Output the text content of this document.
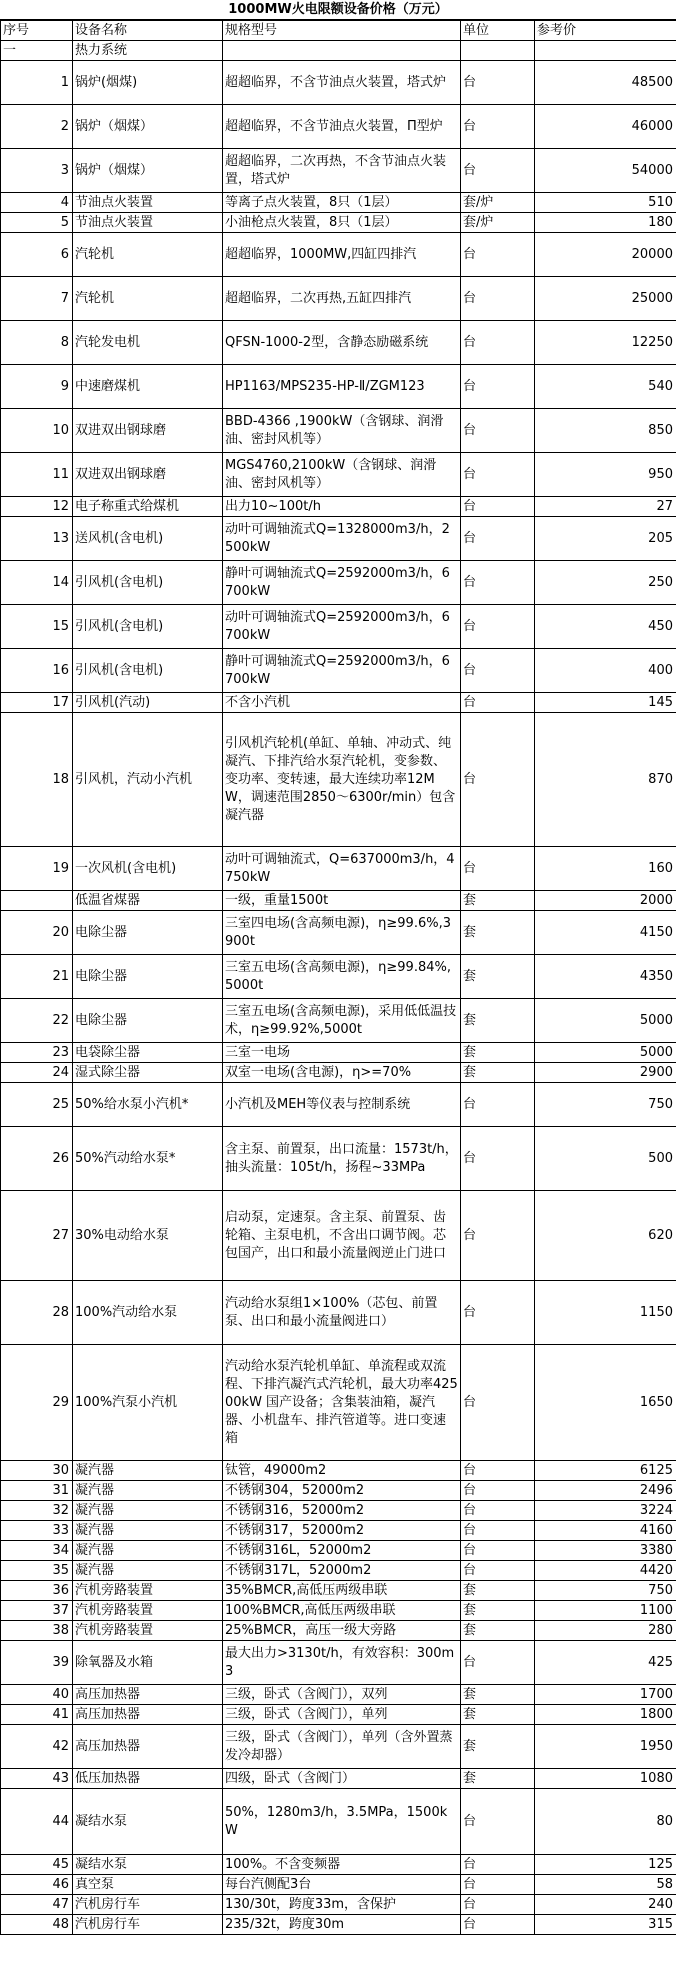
1000MW火电限额设备价格（万元）
序号	设备名称	规格型号	单位	参考价
一	热力系统			
1	锅炉(烟煤)	超超临界，不含节油点火装置，塔式炉	台	48500
2	锅炉（烟煤）	超超临界，不含节油点火装置，Π型炉	台	46000
3	锅炉（烟煤）	超超临界，二次再热，不含节油点火装置，塔式炉	台	54000
4	节油点火装置	等离子点火装置，8只（1层）	套/炉	510
5	节油点火装置	小油枪点火装置，8只（1层）	套/炉	180
6	汽轮机	超超临界，1000MW,四缸四排汽	台	20000
7	汽轮机	超超临界，二次再热,五缸四排汽	台	25000
8	汽轮发电机	QFSN-1000-2型，含静态励磁系统	台	12250
9	中速磨煤机	HP1163/MPS235-HP-Ⅱ/ZGM123	台	540
10	双进双出钢球磨	BBD-4366 ,1900kW（含钢球、润滑油、密封风机等）	台	850
11	双进双出钢球磨	MGS4760,2100kW（含钢球、润滑油、密封风机等）	台	950
12	电子称重式给煤机	出力10~100t/h	台	27
13	送风机(含电机)	动叶可调轴流式Q=1328000m3/h，2500kW	台	205
14	引风机(含电机)	静叶可调轴流式Q=2592000m3/h，6700kW	台	250
15	引风机(含电机)	动叶可调轴流式Q=2592000m3/h，6700kW	台	450
16	引风机(含电机)	静叶可调轴流式Q=2592000m3/h，6700kW	台	400
17	引风机(汽动)	不含小汽机	台	145
18	引风机，汽动小汽机	引风机汽轮机(单缸、单轴、冲动式、纯凝汽、下排汽给水泵汽轮机，变参数、变功率、变转速，最大连续功率12MW，调速范围2850～6300r/min）包含凝汽器	台	870
19	一次风机(含电机)	动叶可调轴流式，Q=637000m3/h，4750kW	台	160
	低温省煤器	一级，重量1500t	套	2000
20	电除尘器	三室四电场(含高频电源)，η≥99.6%,3900t	套	4150
21	电除尘器	三室五电场(含高频电源)，η≥99.84%,5000t	套	4350
22	电除尘器	三室五电场(含高频电源)，采用低低温技术，η≥99.92%,5000t	套	5000
23	电袋除尘器	三室一电场	套	5000
24	湿式除尘器	双室一电场(含电源)，η>=70%	套	2900
25	50%给水泵小汽机*	小汽机及MEH等仪表与控制系统	台	750
26	50%汽动给水泵*	含主泵、前置泵，出口流量：1573t/h，抽头流量：105t/h，扬程~33MPa	台	500
27	30%电动给水泵	启动泵，定速泵。含主泵、前置泵、齿轮箱、主泵电机，不含出口调节阀。芯包国产，出口和最小流量阀逆止门进口	台	620
28	100%汽动给水泵	汽动给水泵组1×100%（芯包、前置泵、出口和最小流量阀进口）	台	1150
29	100%汽泵小汽机	汽动给水泵汽轮机单缸、单流程或双流程、下排汽凝汽式汽轮机，最大功率42500kW 国产设备；含集装油箱，凝汽器、小机盘车、排汽管道等。进口变速箱	台	1650
30	凝汽器	钛管，49000m2	台	6125
31	凝汽器	不锈钢304，52000m2	台	2496
32	凝汽器	不锈钢316，52000m2	台	3224
33	凝汽器	不锈钢317，52000m2	台	4160
34	凝汽器	不锈钢316L，52000m2	台	3380
35	凝汽器	不锈钢317L，52000m2	台	4420
36	汽机旁路装置	35%BMCR,高低压两级串联	套	750
37	汽机旁路装置	100%BMCR,高低压两级串联	套	1100
38	汽机旁路装置	25%BMCR，高压一级大旁路	套	280
39	除氧器及水箱	最大出力>3130t/h，有效容积：300m3	台	425
40	高压加热器	三级，卧式（含阀门），双列	套	1700
41	高压加热器	三级，卧式（含阀门），单列	套	1800
42	高压加热器	三级，卧式（含阀门），单列（含外置蒸发冷却器）	套	1950
43	低压加热器	四级，卧式（含阀门）	套	1080
44	凝结水泵	50%，1280m3/h，3.5MPa，1500kW	台	80
45	凝结水泵	100%。不含变频器	台	125
46	真空泵	每台汽侧配3台	台	58
47	汽机房行车	130/30t，跨度33m，含保护	台	240
48	汽机房行车	235/32t，跨度30m	台	315
